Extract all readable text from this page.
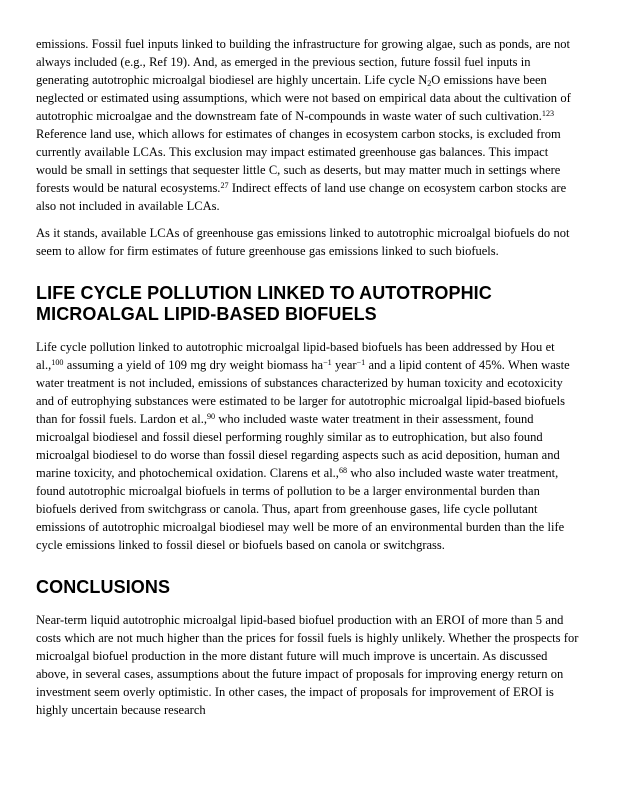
emissions. Fossil fuel inputs linked to building the infrastructure for growing algae, such as ponds, are not always included (e.g., Ref 19). And, as emerged in the previous section, future fossil fuel inputs in generating autotrophic microalgal biodiesel are highly uncertain. Life cycle $N_2O$ emissions have been neglected or estimated using assumptions, which were not based on empirical data about the cultivation of autotrophic microalgae and the downstream fate of N-compounds in waste water of such cultivation.$^{123}$ Reference land use, which allows for estimates of changes in ecosystem carbon stocks, is excluded from currently available LCAs. This exclusion may impact estimated greenhouse gas balances. This impact would be small in settings that sequester little C, such as deserts, but may matter much in settings where forests would be natural ecosystems.$^{27}$ Indirect effects of land use change on ecosystem carbon stocks are also not included in available LCAs.

As it stands, available LCAs of greenhouse gas emissions linked to autotrophic microalgal biofuels do not seem to allow for firm estimates of future greenhouse gas emissions linked to such biofuels.

LIFE CYCLE POLLUTION LINKED TO AUTOTROPHIC MICROALGAL LIPID-BASED BIOFUELS

Life cycle pollution linked to autotrophic microalgal lipid-based biofuels has been addressed by Hou et al.,$^{100}$ assuming a yield of 109 mg dry weight biomass $ha^{-1}$ year$^{-1}$ and a lipid content of 45%. When waste water treatment is not included, emissions of substances characterized by human toxicity and ecotoxicity and of eutrophying substances were estimated to be larger for autotrophic microalgal lipid-based biofuels than for fossil fuels. Lardon et al.,$^{90}$ who included waste water treatment in their assessment, found microalgal biodiesel and fossil diesel performing roughly similar as to eutrophication, but also found microalgal biodiesel to do worse than fossil diesel regarding aspects such as acid deposition, human and marine toxicity, and photochemical oxidation. Clarens et al.,$^{68}$ who also included waste water treatment, found autotrophic microalgal biofuels in terms of pollution to be a larger environmental burden than biofuels derived from switchgrass or canola. Thus, apart from greenhouse gases, life cycle pollutant emissions of autotrophic microalgal biodiesel may well be more of an environmental burden than the life cycle emissions linked to fossil diesel or biofuels based on canola or switchgrass.

CONCLUSIONS

Near-term liquid autotrophic microalgal lipid-based biofuel production with an EROI of more than 5 and costs which are not much higher than the prices for fossil fuels is highly unlikely. Whether the prospects for microalgal biofuel production in the more distant future will much improve is uncertain. As discussed above, in several cases, assumptions about the future impact of proposals for improving energy return on investment seem overly optimistic. In other cases, the impact of proposals for improvement of EROI is highly uncertain because research
